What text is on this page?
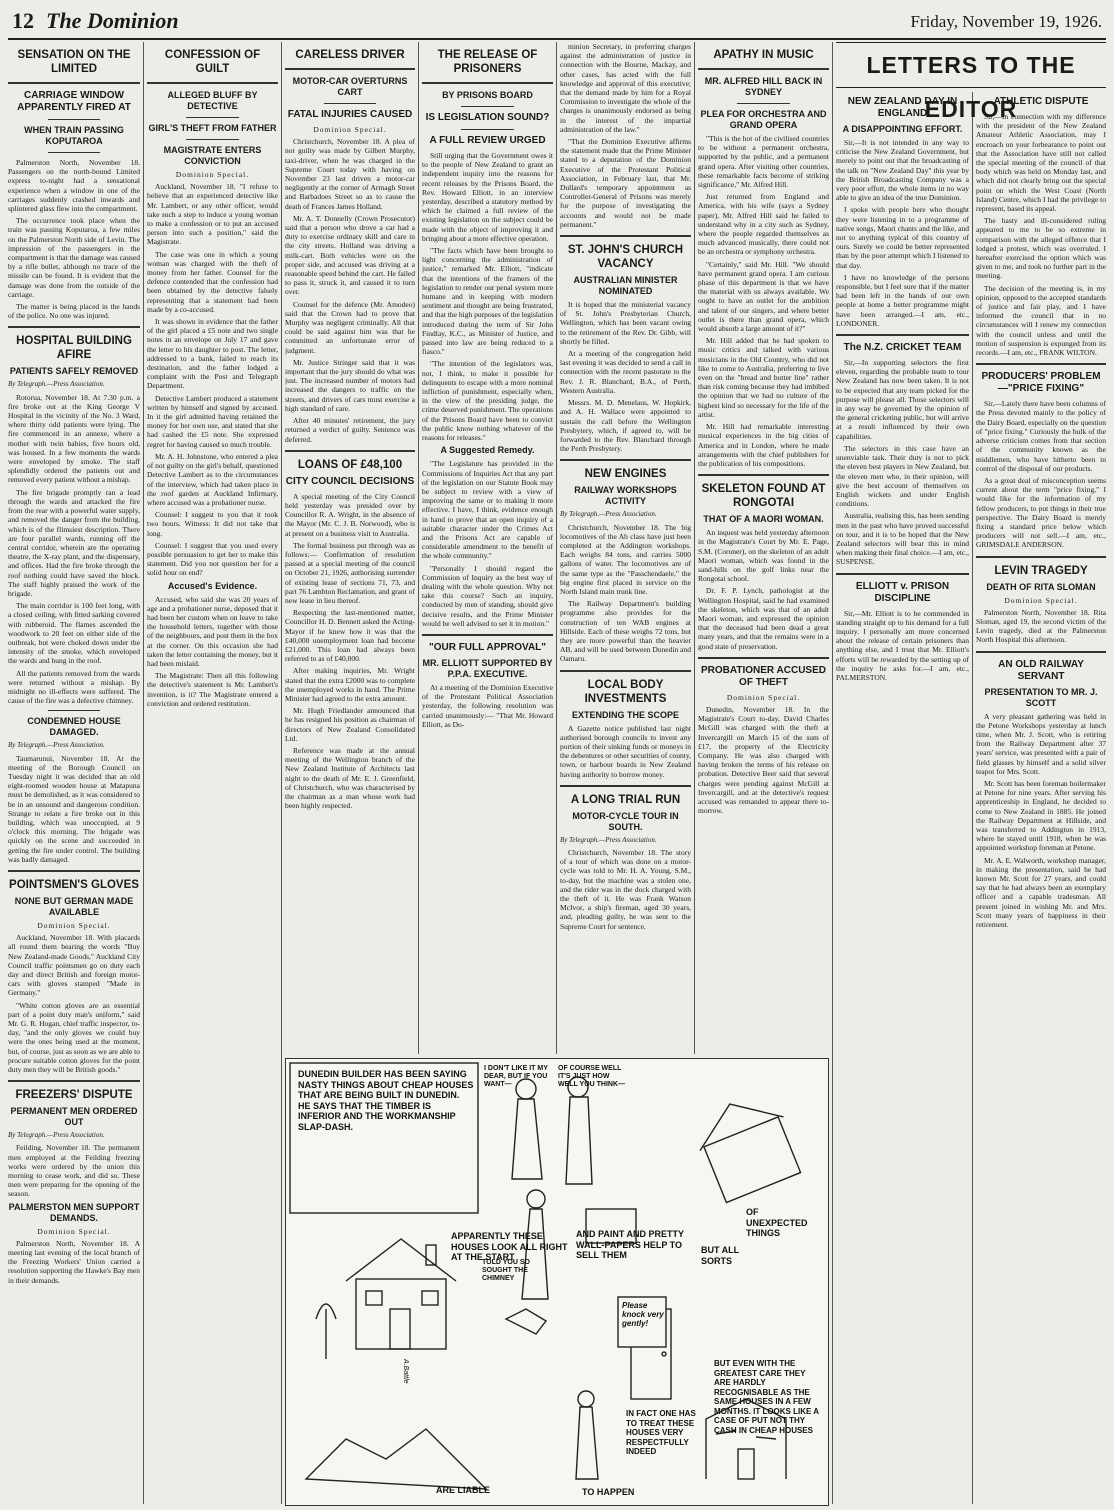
12 The Dominion	Friday, November 19, 1926.
SENSATION ON THE LIMITED
CARRIAGE WINDOW APPARENTLY FIRED AT
WHEN TRAIN PASSING KOPUTAROA

Palmerston North, November 18. Passengers on the north-bound Limited express to-night had a sensational experience when a window in one of the carriages suddenly crashed inwards and splintered glass flew into the compartment.

The occurrence took place when the train was passing Koputaroa, a few miles on the Palmerston North side of Levin. The impression of the passengers in the compartment is that the damage was caused by a rifle bullet, although no trace of the missile can be found. It is evident that the damage was done from the outside of the carriage.

The matter is being placed in the hands of the police. No one was injured.

HOSPITAL BUILDING AFIRE
PATIENTS SAFELY REMOVED
By Telegraph.—Press Association.

Rotorua, November 18. At 7.30 p.m. a fire broke out at the King George V Hospital in the vicinity of the No. 3 Ward, where thirty odd patients were lying. The fire commenced in an annexe, where a mother with twin babies, five hours old, was housed. In a few moments the wards were enveloped by smoke. The staff splendidly ordered the patients out and removed every patient without a mishap.

The fire brigade promptly ran a lead through the wards and attacked the fire from the rear with a powerful water supply, and removed the danger from the building, which is of the flimsiest description. There are four parallel wards, running off the central corridor, wherein are the operating theatre, the X-ray plant, and the dispensary, and offices. Had the fire broke through the roof nothing could have saved the block. The staff highly praised the work of the brigade.

The main corridor is 100 feet long, with a closed ceiling, with fitted sarking covered with rubberoid. The flames ascended the woodwork to 20 feet on either side of the outbreak, but were choked down under the intensity of the smoke, which enveloped the wards and hung in the roof.

All the patients removed from the wards were returned without a mishap. By midnight no ill-effects were suffered. The cause of the fire was a defective chimney.

CONDEMNED HOUSE DAMAGED.
By Telegraph.—Press Association.

Taumarunui, November 18. At the meeting of the Borough Council on Tuesday night it was decided that an old eight-roomed wooden house at Matapuna must be demolished, as it was considered to be in an unsound and dangerous condition. Strange to relate a fire broke out in this building, which was unoccupied, at 9 o'clock this morning. The brigade was quickly on the scene and succeeded in getting the fire under control. The building was badly damaged.

POINTSMEN'S GLOVES
NONE BUT GERMAN MADE AVAILABLE
Dominion Special.

Auckland, November 18. With placards all round them bearing the words "Buy New Zealand-made Goods," Auckland City Council traffic pointsmen go on duty each day and direct British and foreign motor-cars with gloves stamped "Made in Germany."

"White cotton gloves are an essential part of a point duty man's uniform," said Mr. G. R. Hogan, chief traffic inspector, to-day, "and the only gloves we could buy were the ones being used at the moment, but, of course, just as soon as we are able to procure suitable cotton gloves for the point duty men they will be British goods."

FREEZERS' DISPUTE
PERMANENT MEN ORDERED OUT
By Telegraph.—Press Association.

Feilding, November 18. The permanent men employed at the Feilding freezing works were ordered by the union this morning to cease work, and did so. These men were preparing for the opening of the season.

PALMERSTON MEN SUPPORT DEMANDS.
Dominion Special.

Palmerston North, November 18. A meeting last evening of the local branch of the Freezing Workers' Union carried a resolution supporting the Hawke's Bay men in their demands.

CONFESSION OF GUILT
ALLEGED BLUFF BY DETECTIVE
GIRL'S THEFT FROM FATHER
MAGISTRATE ENTERS CONVICTION
Dominion Special.

Auckland, November 18. "I refuse to believe that an experienced detective like Mr. Lambert, or any other officer, would take such a step to induce a young woman to make a confession or to put an accused person into such a position," said the Magistrate.

The case was one in which a young woman was charged with the theft of money from her father. Counsel for the defence contended that the confession had been obtained by the detective falsely representing that a statement had been made by a co-accused.

It was shown in evidence that the father of the girl placed a £5 note and two single notes in an envelope on July 17 and gave the letter to his daughter to post. The letter, addressed to a bank, failed to reach its destination, and the father lodged a complaint with the Post and Telegraph Department.

Detective Lambert produced a statement written by himself and signed by accused. In it the girl admitted having retained the money for her own use, and stated that she had cashed the £5 note. She expressed regret for having caused so much trouble.

Mr. A. H. Johnstone, who entered a plea of not guilty on the girl's behalf, questioned Detective Lambert as to the circumstances of the interview, which had taken place in the roof garden at Auckland Infirmary, where accused was a probationer nurse.

Counsel: I suggest to you that it took two hours. Witness: It did not take that long.

Counsel: I suggest that you used every possible persuasion to get her to make this statement. Did you not question her for a solid hour on end?

Accused's Evidence.

Accused, who said she was 20 years of age and a probationer nurse, deposed that it had been her custom when on leave to take the household letters, together with those of the neighbours, and post them in the box at the corner. On this occasion she had taken the letter containing the money, but it had been mislaid.

The Magistrate: Then all this following the detective's statement is Mr. Lambert's invention, is it? The Magistrate entered a conviction and ordered restitution.

CARELESS DRIVER
MOTOR-CAR OVERTURNS CART
FATAL INJURIES CAUSED
Dominion Special.

Christchurch, November 18. A plea of not guilty was made by Gilbert Murphy, taxi-driver, when he was charged in the Supreme Court today with having on November 23 last driven a motor-car negligently at the corner of Armagh Street and Barbadoes Street so as to cause the death of Frances James Holland.

Mr. A. T. Donnelly (Crown Prosecutor) said that a person who drove a car had a duty to exercise ordinary skill and care in the city streets. Holland was driving a milk-cart. Both vehicles were on the proper side, and accused was driving at a reasonable speed behind the cart. He failed to pass it, struck it, and caused it to turn over.

Counsel for the defence (Mr. Amodeo) said that the Crown had to prove that Murphy was negligent criminally. All that could be said against him was that he committed an unfortunate error of judgment.

Mr. Justice Stringer said that it was important that the jury should do what was just. The increased number of motors had increased the dangers to traffic on the streets, and drivers of cars must exercise a high standard of care.

After 40 minutes' retirement, the jury returned a verdict of guilty. Sentence was deferred.

LOANS OF £48,100
CITY COUNCIL DECISIONS

A special meeting of the City Council held yesterday was presided over by Councillor R. A. Wright, in the absence of the Mayor (Mr. C. J. B. Norwood), who is at present on a business visit to Australia.

The formal business put through was as follows:— Confirmation of resolution passed at a special meeting of the council on October 21, 1926, authorising surrender of existing lease of sections 71, 73, and part 76 Lambton Reclamation, and grant of new lease in lieu thereof.

Respecting the last-mentioned matter, Councillor H. D. Bennett asked the Acting-Mayor if he knew how it was that the £40,000 unemployment loan had become £21,000. This loan had always been referred to as of £40,000.

After making inquiries, Mr. Wright stated that the extra £2000 was to complete the unemployed works in hand. The Prime Minister had agreed to the extra amount.

Mr. Hugh Friedlander announced that he has resigned his position as chairman of directors of New Zealand Consolidated Ltd.

Reference was made at the annual meeting of the Wellington branch of the New Zealand Institute of Architects last night to the death of Mr. E. J. Greenfield, of Christchurch, who was characterised by the chairman as a man whose work had been highly respected.

THE RELEASE OF PRISONERS
BY PRISONS BOARD
IS LEGISLATION SOUND?
A FULL REVIEW URGED

Still urging that the Government owes it to the people of New Zealand to grant an independent inquiry into the reasons for recent releases by the Prisons Board, the Rev. Howard Elliott, in an interview yesterday, described a statutory method by which he claimed a full review of the existing legislation on the subject could be made with the object of improving it and bringing about a more effective operation.

"The facts which have been brought to light concerning the administration of justice," remarked Mr. Elliott, "indicate that the intentions of the framers of the legislation to render our penal system more humane and in keeping with modern sentiment and thought are being frustrated, and that the high purposes of the legislation introduced during the term of Sir John Findlay, K.C., as Minister of Justice, and passed into law are being reduced to a fiasco."

"The intention of the legislators was, not, I think, to make it possible for delinquents to escape with a more nominal infliction of punishment, especially when, in the view of the presiding judge, the crime deserved punishment. The operations of the Prisons Board have been to convict the public know nothing whatever of the reasons for releases."

A Suggested Remedy.

"The Legislature has provided in the Commissions of Inquiries Act that any part of the legislation on our Statute Book may be subject to review with a view of improving the same or to making it more effective. I have, I think, evidence enough in hand to prove that an open inquiry of a suitable character under the Crimes Act and the Prisons Act are capable of considerable amendment to the benefit of the whole community."

"Personally I should regard the Commission of Inquiry as the best way of dealing with the whole question. Why not take this course? Such an inquiry, conducted by men of standing, should give decisive results, and the Prime Minister would be well advised to set it in motion."

"OUR FULL APPROVAL"
MR. ELLIOTT SUPPORTED BY P.P.A. EXECUTIVE.

At a meeting of the Dominion Executive of the Protestant Political Association yesterday, the following resolution was carried unanimously:— "That Mr. Howard Elliott, as Do-

minion Secretary, in preferring charges against the administration of justice in connection with the Bourne, Mackay, and other cases, has acted with the full knowledge and approval of this executive; that the demand made by him for a Royal Commission to investigate the whole of the charges is unanimously endorsed as being in the interest of the impartial administration of the law."

"That the Dominion Executive affirms the statement made that the Prime Minister stated to a deputation of the Dominion Executive of the Protestant Political Association, in February last, that Mr. Dullard's temporary appointment as Controller-General of Prisons was merely for the purpose of investigating the accounts and would not be made permanent."

ST. JOHN'S CHURCH VACANCY
AUSTRALIAN MINISTER NOMINATED

It is hoped that the ministerial vacancy of St. John's Presbyterian Church, Wellington, which has been vacant owing to the retirement of the Rev. Dr. Gibb, will shortly be filled.

At a meeting of the congregation held last evening it was decided to send a call in connection with the recent pastorate to the Rev. J. R. Blanchard, B.A., of Perth, Western Australia.

Messrs. M. D. Menelaus, W. Hopkirk, and A. H. Wallace were appointed to sustain the call before the Wellington Presbytery, which, if agreed to, will be forwarded to the Rev. Blanchard through the Perth Presbytery.

NEW ENGINES
RAILWAY WORKSHOPS ACTIVITY
By Telegraph.—Press Association.

Christchurch, November 18. The big locomotives of the Ab class have just been completed at the Addington workshops. Each weighs 84 tons, and carries 5000 gallons of water. The locomotives are of the same type as the "Passchendaele," the big engine first placed in service on the North Island main trunk line.

The Railway Department's building programme also provides for the construction of ten WAB engines at Hillside. Each of these weighs 72 tons, but they are more powerful than the heavier AB, and will be used between Dunedin and Oamaru.

LOCAL BODY INVESTMENTS
EXTENDING THE SCOPE

A Gazette notice published last night authorised borough councils to invest any portion of their sinking funds or moneys in the debentures or other securities of county, town, or harbour boards in New Zealand having authority to borrow money.

A LONG TRIAL RUN
MOTOR-CYCLE TOUR IN SOUTH.
By Telegraph.—Press Association.

Christchurch, November 18. The story of a tour of which was done on a motor-cycle was told to Mr. H. A. Young, S.M., to-day, but the machine was a stolen one, and the rider was in the dock charged with the theft of it. He was Frank Watson McIvor, a ship's fireman, aged 30 years, and, pleading guilty, he was sent to the Supreme Court for sentence.

APATHY IN MUSIC
MR. ALFRED HILL BACK IN SYDNEY
PLEA FOR ORCHESTRA AND GRAND OPERA

"This is the hot of the civilised countries to be without a permanent orchestra, supported by the public, and a permanent grand opera. After visiting other countries, these remarkable facts become of striking significance," Mr. Alfred Hill.

Just returned from England and America, with his wife (says a Sydney paper), Mr. Alfred Hill said he failed to understand why in a city such as Sydney, where the people regarded themselves as much advanced musically, there could not be an orchestra or symphony orchestra.

"Certainly," said Mr. Hill. "We should have permanent grand opera. I am curious phase of this department is that we have the material with us always available. We ought to have an outlet for the ambition and talent of our singers, and where better outlet is there than grand opera, which would absorb a large amount of it?"

Mr. Hill added that he had spoken to music critics and talked with various musicians in the Old Country, who did not like to come to Australia, preferring to live even on the "bread and butter line" rather than risk coming because they had imbibed the opinion that we had no culture of the highest kind so necessary for the life of the artist.

Mr. Hill had remarkable interesting musical experiences in the big cities of America and in London, where he made arrangements with the chief publishers for the publication of his compositions.

SKELETON FOUND AT RONGOTAI
THAT OF A MAORI WOMAN.

An inquest was held yesterday afternoon in the Magistrate's Court by Mr. E. Page, S.M. (Coroner), on the skeleton of an adult Maori woman, which was found in the sand-hills on the golf links near the Rongotai school.

Dr. F. P. Lynch, pathologist at the Wellington Hospital, said he had examined the skeleton, which was that of an adult Maori woman, and expressed the opinion that the deceased had been dead a great many years, and that the remains were in a good state of preservation.

PROBATIONER ACCUSED OF THEFT
Dominion Special.

Dunedin, November 18. In the Magistrate's Court to-day, David Charles McGill was charged with the theft at Invercargill on March 15 of the sum of £17, the property of the Electricity Company. He was also charged with having broken the terms of his release on probation. Detective Beer said that several charges were pending against McGill at Invercargill, and at the detective's request accused was remanded to appear there to-morrow.

LETTERS TO THE EDITOR
NEW ZEALAND DAY IN ENGLAND
A DISAPPOINTING EFFORT.

Sir,—It is not intended in any way to criticise the New Zealand Government, but merely to point out that the broadcasting of the talk on "New Zealand Day" this year by the British Broadcasting Company was a very poor effort, the whole items in no way able to give an idea of the true Dominion.

I spoke with people here who thought they were listening in to a programme of native songs, Maori chants and the like, and not to anything typical of this country of ours. Surely we could be better represented than by the poor attempt which I listened to that day.

I have no knowledge of the persons responsible, but I feel sure that if the matter had been left in the hands of our own people at home a better programme might have been arranged.—I am, etc., LONDONER.

The N.Z. CRICKET TEAM

Sir,—In supporting selectors the first eleven, regarding the probable team to tour New Zealand has now been taken. It is not to be expected that any team picked for the purpose will please all. Those selectors will in any way be governed by the opinion of the general cricketing public, but will arrive at a result influenced by their own capabilities.

The selectors in this case have an unenviable task. Their duty is not to pick the eleven best players in New Zealand, but the eleven men who, in their opinion, will give the best account of themselves on English wickets and under English conditions.

Australia, realising this, has been sending men in the past who have proved successful on tour, and it is to be hoped that the New Zealand selectors will bear this in mind when making their final choice.—I am, etc., SUSPENSE.

ELLIOTT v. PRISON DISCIPLINE

Sir,—Mr. Elliott is to be commended in standing straight up to his demand for a full inquiry. I personally am more concerned about the release of certain prisoners than anything else, and I trust that Mr. Elliott's efforts will be rewarded by the setting up of the inquiry he asks for.—I am, etc., PALMERSTON.

ATHLETIC DISPUTE

Sir,—In connection with my difference with the president of the New Zealand Amateur Athletic Association, may I encroach on your forbearance to point out that the Association have still not called the special meeting of the council of that body which was held on Monday last, and which did not clearly bring out the special point on which the West Coast (North Island) Centre, which I had the privilege to represent, based its appeal.

The hasty and ill-considered ruling appeared to me to be so extreme in comparison with the alleged offence that I lodged a protest, which was overruled. I hereafter exercised the option which was given to me, and took no further part in the meeting.

The decision of the meeting is, in my opinion, opposed to the accepted standards of justice and fair play, and I have informed the council that in no circumstances will I renew my connection with the council unless and until the motion of suspension is expunged from its records.—I am, etc., FRANK WILTON.

PRODUCERS' PROBLEM—"PRICE FIXING"

Sir,—Lately there have been columns of the Press devoted mainly to the policy of the Dairy Board, especially on the question of "price fixing." Curiously the bulk of the adverse criticism comes from that section of the community known as the middlemen, who have hitherto been in control of the disposal of our products.

As a great deal of misconception seems current about the term "price fixing," I would like for the information of my fellow producers, to put things in their true perspective. The Dairy Board is merely fixing a standard price below which producers will not sell.—I am, etc., GRIMSDALE ANDERSON.

LEVIN TRAGEDY
DEATH OF RITA SLOMAN
Dominion Special.

Palmerston North, November 18. Rita Sloman, aged 19, the second victim of the Levin tragedy, died at the Palmerston North Hospital this afternoon.

AN OLD RAILWAY SERVANT
PRESENTATION TO MR. J. SCOTT

A very pleasant gathering was held in the Petone Workshops yesterday at lunch time, when Mr. J. Scott, who is retiring from the Railway Department after 37 years' service, was presented with a pair of field glasses by himself and a solid silver teapot for Mrs. Scott.

Mr. Scott has been foreman boilermaker at Petone for nine years. After serving his apprenticeship in England, he decided to come to New Zealand in 1885. He joined the Railway Department at Hillside, and was transferred to Addington in 1913, where he stayed until 1918, when he was appointed workshop foreman at Petone.

Mr. A. E. Walworth, workshop manager, in making the presentation, said he had known Mr. Scott for 27 years, and could say that he had always been an exemplary officer and a capable tradesman. All present joined in wishing Mr. and Mrs. Scott many years of happiness in their retirement.

DUNEDIN BUILDER HAS BEEN SAYING NASTY THINGS ABOUT CHEAP HOUSES THAT ARE BEING BUILT IN DUNEDIN. HE SAYS THAT THE TIMBER IS INFERIOR AND THE WORKMANSHIP SLAP-DASH.
I DON'T LIKE IT MY DEAR, BUT IF YOU WANT—
OF COURSE WELL IT'S JUST HOW WELL YOU THINK—
APPARENTLY THESE HOUSES LOOK ALL RIGHT AT THE START
AND PAINT AND PRETTY WALL-PAPERS HELP TO SELL THEM	BUT ALL SORTS
OF UNEXPECTED THINGS
TOLD YOU SO SOUGHT THE CHIMNEY
Please knock very gently!
ARE LIABLE	TO HAPPEN
IN FACT ONE HAS TO TREAT THESE HOUSES VERY RESPECTFULLY INDEED
BUT EVEN WITH THE GREATEST CARE THEY ARE HARDLY RECOGNISABLE AS THE SAME HOUSES IN A FEW MONTHS. IT LOOKS LIKE A CASE OF PUT NOT THY CASH IN CHEAP HOUSES
A.Battle
